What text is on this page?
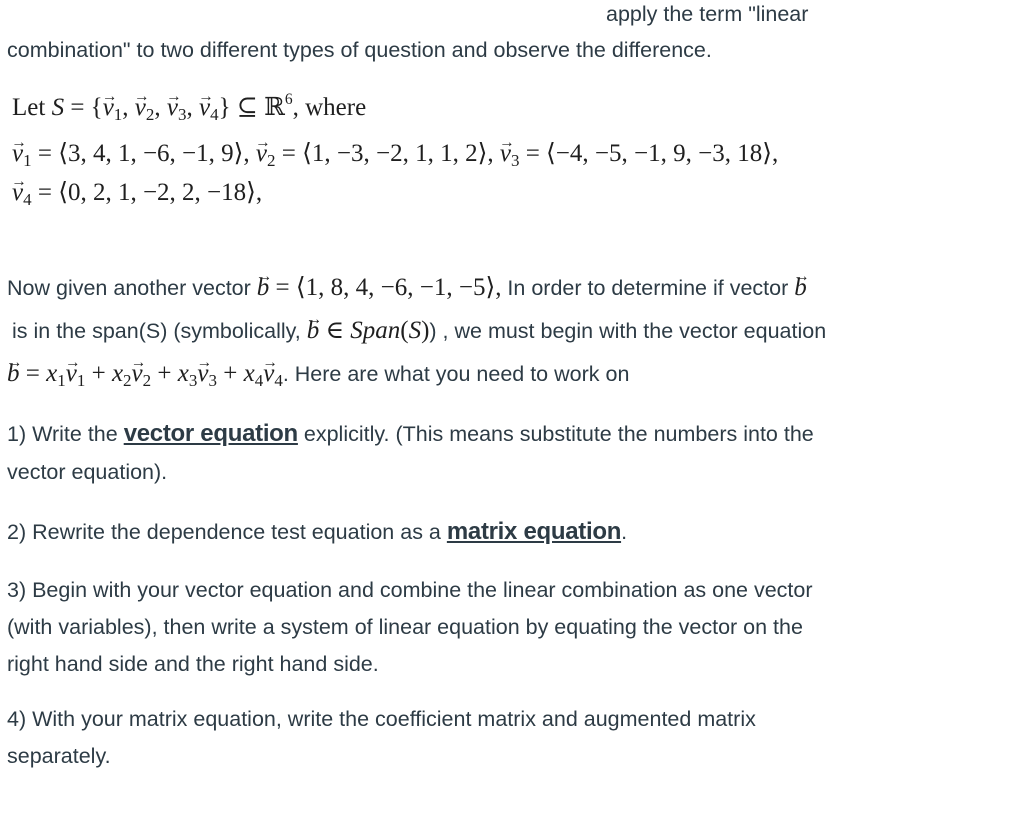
apply the term "linear
combination" to two different types of question and observe the difference.
Let S = {→ $v_1$, → $v_2$, → $v_3$, → $v_4$} ⊆ ℝ$^6$, where
→ $v_1$ = ⟨3, 4, 1, −6, −1, 9⟩, → $v_2$ = ⟨1, −3, −2, 1, 1, 2⟩, → $v_3$ = ⟨−4, −5, −1, 9, −3, 18⟩,
→ $v_4$ = ⟨0, 2, 1, −2, 2, −18⟩,
Now given another vector → b = ⟨1, 8, 4, −6, −1, −5⟩, In order to determine if vector → b
is in the span(S) (symbolically, → b ∈ Span(S)) , we must begin with the vector equation
→ $b = x_1\to v_1 + x_2\to v_2 + x_3\to v_3 + x_4\to v_4$. Here are what you need to work on
1) Write the vector equation explicitly. (This means substitute the numbers into the
vector equation).
2) Rewrite the dependence test equation as a matrix equation.
3) Begin with your vector equation and combine the linear combination as one vector
(with variables), then write a system of linear equation by equating the vector on the
right hand side and the right hand side.
4) With your matrix equation, write the coefficient matrix and augmented matrix
separately.
